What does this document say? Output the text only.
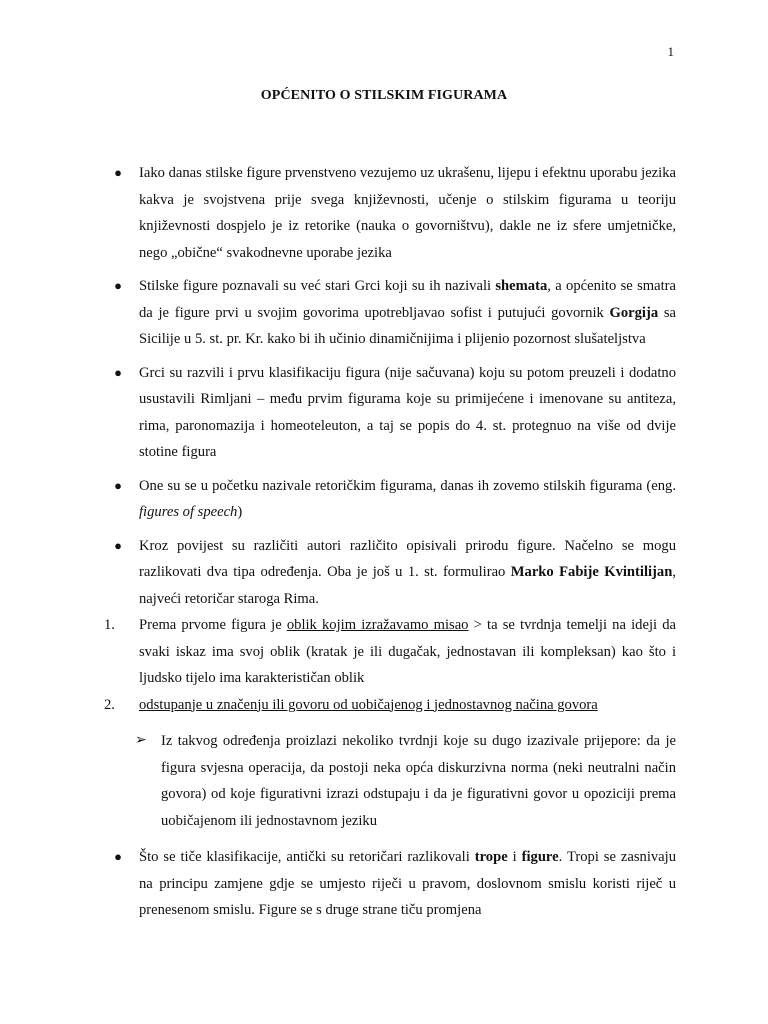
1
OPĆENITO O STILSKIM FIGURAMA
●	Iako danas stilske figure prvenstveno vezujemo uz ukrašenu, lijepu i efektnu uporabu jezika kakva je svojstvena prije svega književnosti, učenje o stilskim figurama u teoriju književnosti dospjelo je iz retorike (nauka o govorništvu), dakle ne iz sfere umjetničke, nego „obične“ svakodnevne uporabe jezika
●	Stilske figure poznavali su već stari Grci koji su ih nazivali shemata, a općenito se smatra da je figure prvi u svojim govorima upotrebljavao sofist i putujući govornik Gorgija sa Sicilije u 5. st. pr. Kr. kako bi ih učinio dinamičnijima i plijenio pozornost slušateljstva
●	Grci su razvili i prvu klasifikaciju figura (nije sačuvana) koju su potom preuzeli i dodatno usustavili Rimljani – među prvim figurama koje su primijećene i imenovane su antiteza, rima, paronomazija i homeoteleuton, a taj se popis do 4. st. protegnuo na više od dvije stotine figura
●	One su se u početku nazivale retoričkim figurama, danas ih zovemo stilskih figurama (eng. figures of speech)
●	Kroz povijest su različiti autori različito opisivali prirodu figure. Načelno se mogu razlikovati dva tipa određenja. Oba je još u 1. st. formulirao Marko Fabije Kvintilijan, najveći retoričar staroga Rima.
1. Prema prvome figura je oblik kojim izražavamo misao > ta se tvrdnja temelji na ideji da svaki iskaz ima svoj oblik (kratak je ili dugačak, jednostavan ili kompleksan) kao što i ljudsko tijelo ima karakterističan oblik
2. odstupanje u značenju ili govoru od uobičajenog i jednostavnog načina govora
➢ Iz takvog određenja proizlazi nekoliko tvrdnji koje su dugo izazivale prijepore: da je figura svjesna operacija, da postoji neka opća diskurzivna norma (neki neutralni način govora) od koje figurativni izrazi odstupaju i da je figurativni govor u opoziciji prema uobičajenom ili jednostavnom jeziku
●	Što se tiče klasifikacije, antički su retoričari razlikovali trope i figure. Tropi se zasnivaju na principu zamjene gdje se umjesto riječi u pravom, doslovnom smislu koristi riječ u prenesenom smislu. Figure se s druge strane tiču promjena
